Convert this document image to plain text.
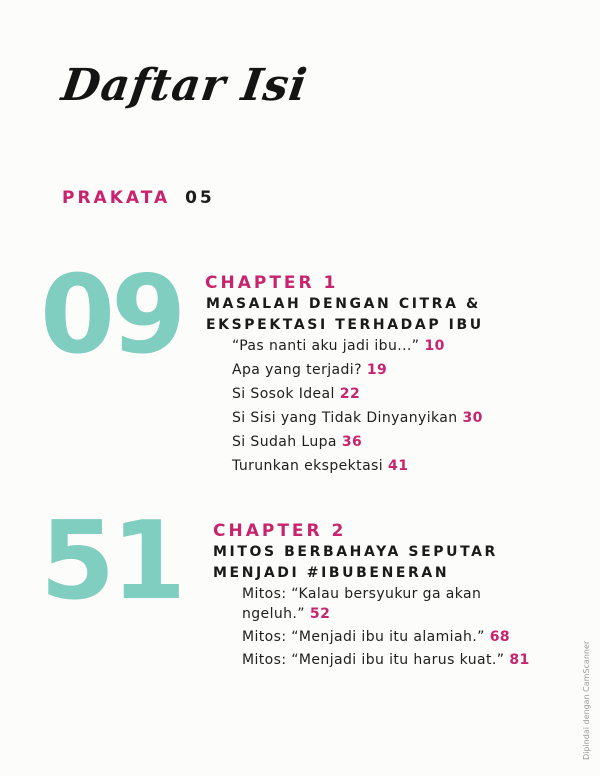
Daftar Isi
PRAKATA 05
09 CHAPTER 1
MASALAH DENGAN CITRA &
EKSPEKTASI TERHADAP IBU
“Pas nanti aku jadi ibu...” 10
Apa yang terjadi? 19
Si Sosok Ideal 22
Si Sisi yang Tidak Dinyanyikan 30
Si Sudah Lupa 36
Turunkan ekspektasi 41
51 CHAPTER 2
MITOS BERBAHAYA SEPUTAR
MENJADI #IBUBENERAN
Mitos: “Kalau bersyukur ga akan
ngeluh.” 52
Mitos: “Menjadi ibu itu alamiah.” 68
Mitos: “Menjadi ibu itu harus kuat.” 81	Dipindai dengan CamScanner
